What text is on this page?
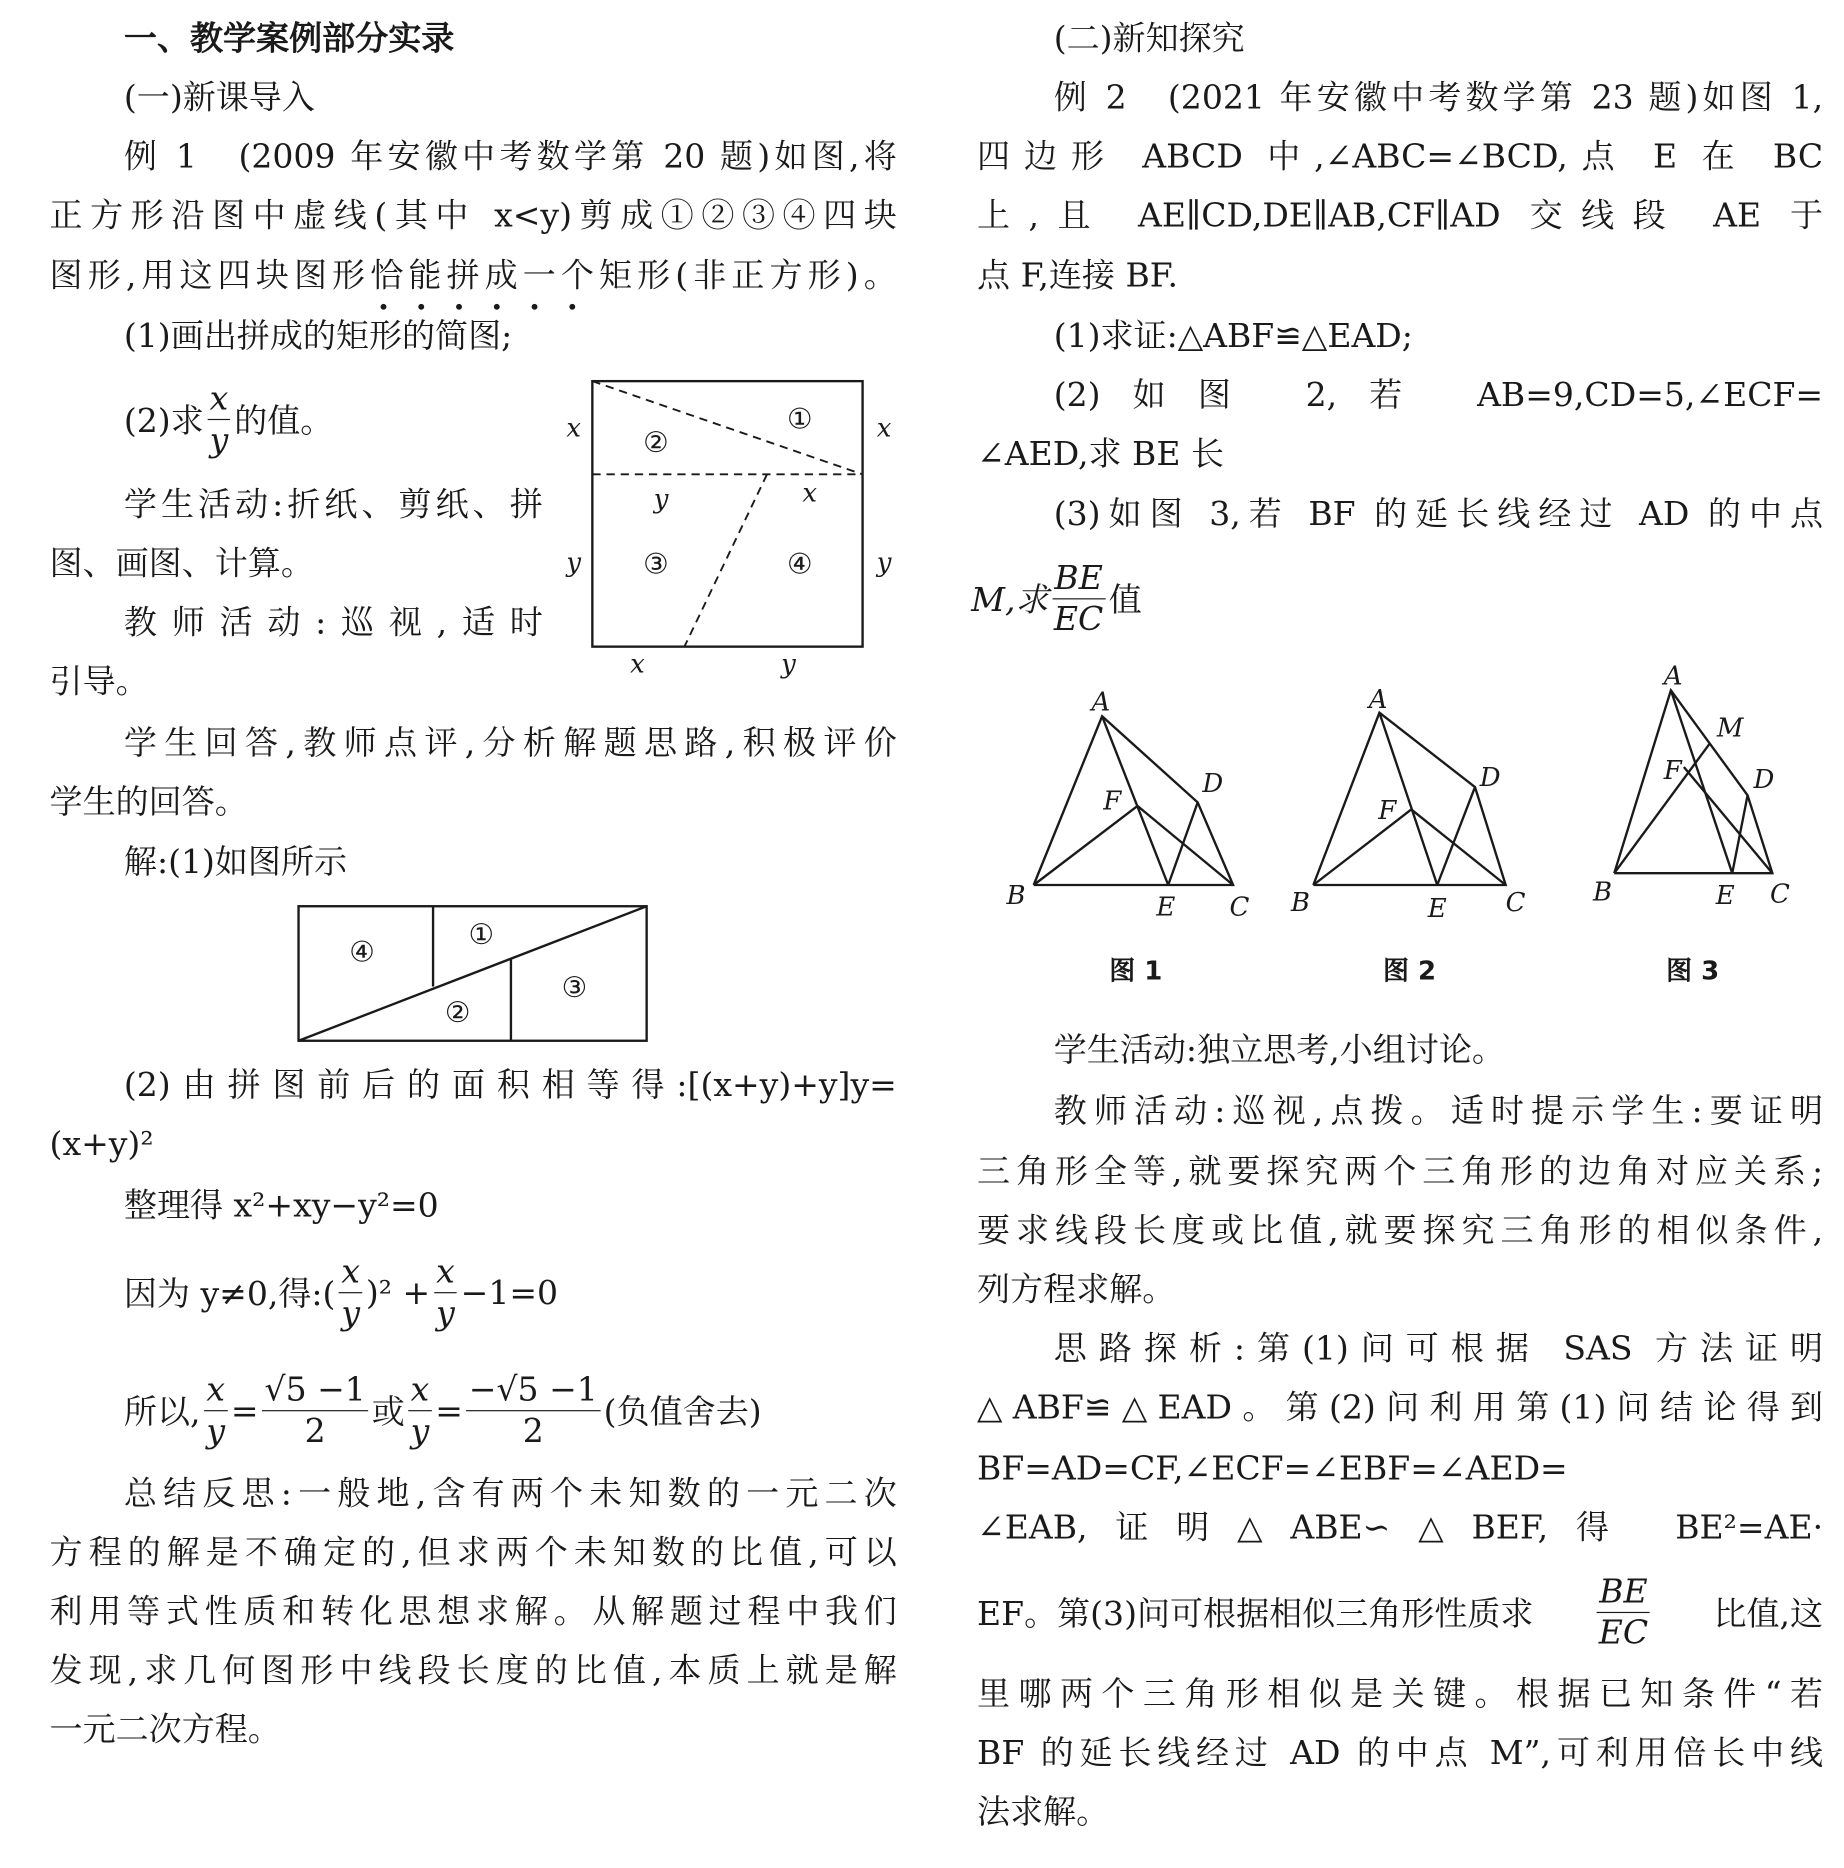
一、教学案例部分实录
(一)新课导入
例 1　(2009 年安徽中考数学第 20 题)如图,将
正方形沿图中虚线(其中 x<y)剪成①②③④四块
图形,用这四块图形恰能拼成一个矩形(非正方形)。
(1)画出拼成的矩形的简图;
(2)求 $\frac{x}{y}$ 的值。
学生活动:折纸、剪纸、拼
图、画图、计算。
教师活动:巡视,适时
引导。
学生回答,教师点评,分析解题思路,积极评价
学生的回答。
解:(1)如图所示
(2)由拼图前后的面积相等得:[(x+y)+y]y=
(x+y)²
整理得 x²+xy−y²=0
因为 y≠0,得:( $\frac{x}{y} )^2 + \frac{x}{y} -1=0$
所以, $\frac{x}{y} = \frac{√5 -1}{2}$ 或 $\frac{x}{y} = \frac{-√5 -1}{2}$ (负值舍去)
总结反思:一般地,含有两个未知数的一元二次
方程的解是不确定的,但求两个未知数的比值,可以
利用等式性质和转化思想求解。从解题过程中我们
发现,求几何图形中线段长度的比值,本质上就是解
一元二次方程。
(二)新知探究
例 2　(2021 年安徽中考数学第 23 题)如图 1,
四边形 ABCD 中,∠ABC=∠BCD,点 E 在 BC
上,且 AE∥CD,DE∥AB,CF∥AD 交线段 AE 于
点 F,连接 BF.
(1)求证:△ABF≌△EAD;
(2)如图 2,若 AB=9,CD=5,∠ECF=
∠AED,求 BE 长
(3)如图 3,若 BF 的延长线经过 AD 的中点
M,求 $\frac{BE}{EC}$ 值
图 1	图 2	图 3
学生活动:独立思考,小组讨论。
教师活动:巡视,点拨。适时提示学生:要证明
三角形全等,就要探究两个三角形的边角对应关系;
要求线段长度或比值,就要探究三角形的相似条件,
列方程求解。
思路探析:第(1)问可根据 SAS 方法证明
△ABF≌△EAD。第(2)问利用第(1)问结论得到
BF=AD=CF,∠ECF=∠EBF=∠AED=
∠EAB,证明△ABE∽△BEF,得 BE²=AE·
EF。第(3)问可根据相似三角形性质求 $\frac{BE}{EC}$ 比值,这
里哪两个三角形相似是关键。根据已知条件“若
BF 的延长线经过 AD 的中点 M”,可利用倍长中线
法求解。
x	x
②
①
y	x
③	④
y	y
x	y
④
①
②
③
A
B	C
D
E
F
A
B	C
D
E
F
A
M
F	D
B	E C
